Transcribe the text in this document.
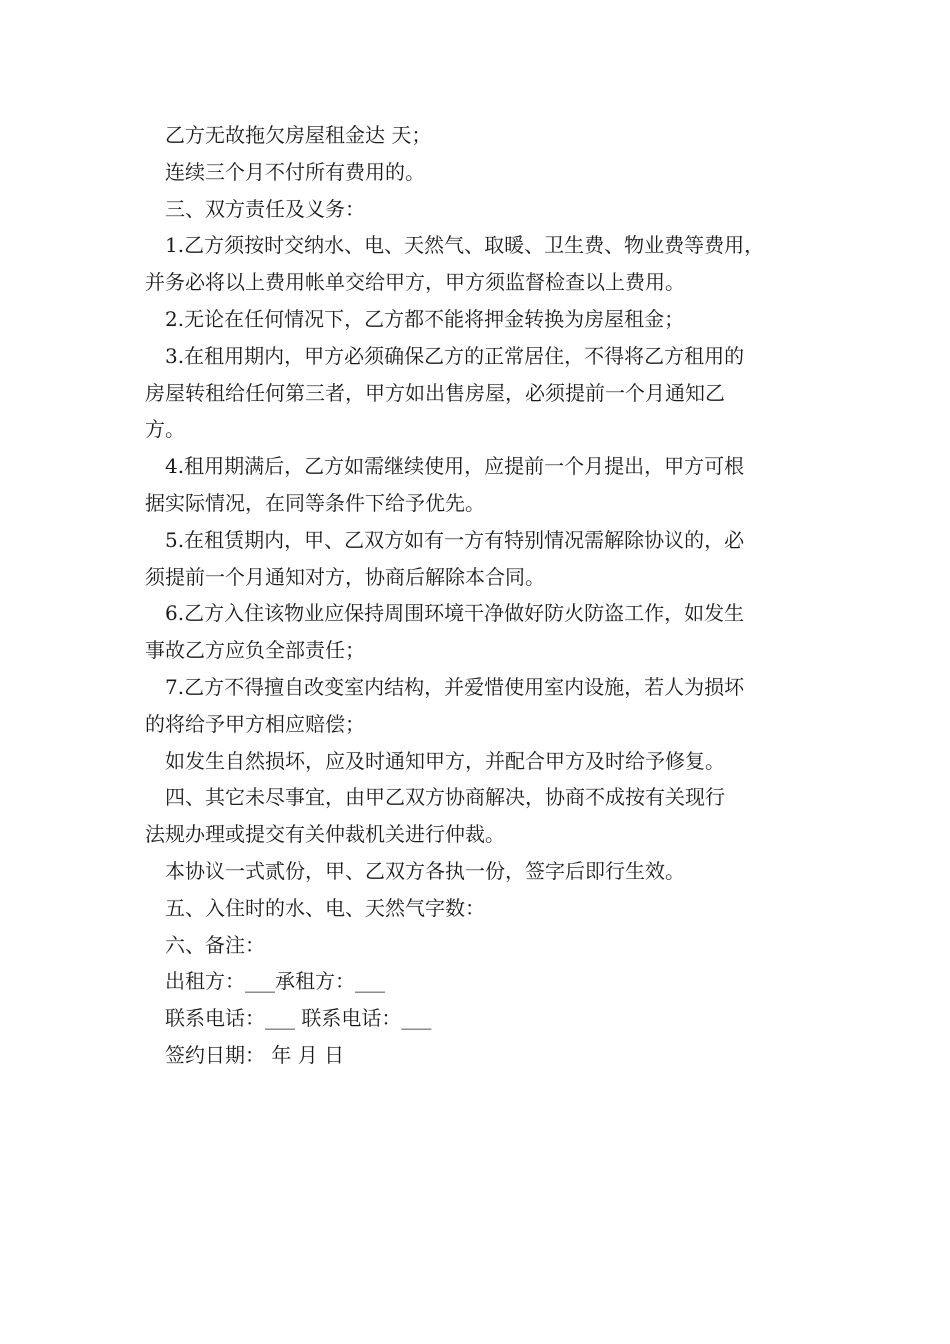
乙方无故拖欠房屋租金达 天；
连续三个月不付所有费用的。
三、双方责任及义务：
1.乙方须按时交纳水、电、天然气、取暖、卫生费、物业费等费用，
并务必将以上费用帐单交给甲方，甲方须监督检查以上费用。
2.无论在任何情况下，乙方都不能将押金转换为房屋租金；
3.在租用期内，甲方必须确保乙方的正常居住，不得将乙方租用的
房屋转租给任何第三者，甲方如出售房屋，必须提前一个月通知乙
方。
4.租用期满后，乙方如需继续使用，应提前一个月提出，甲方可根
据实际情况，在同等条件下给予优先。
5.在租赁期内，甲、乙双方如有一方有特别情况需解除协议的，必
须提前一个月通知对方，协商后解除本合同。
6.乙方入住该物业应保持周围环境干净做好防火防盗工作，如发生
事故乙方应负全部责任；
7.乙方不得擅自改变室内结构，并爱惜使用室内设施，若人为损坏
的将给予甲方相应赔偿；
如发生自然损坏，应及时通知甲方，并配合甲方及时给予修复。
四、其它未尽事宜，由甲乙双方协商解决，协商不成按有关现行
法规办理或提交有关仲裁机关进行仲裁。
本协议一式贰份，甲、乙双方各执一份，签字后即行生效。
五、入住时的水、电、天然气字数：
六、备注：
出租方：___承租方：___
联系电话：___ 联系电话：___
签约日期： 年 月 日
